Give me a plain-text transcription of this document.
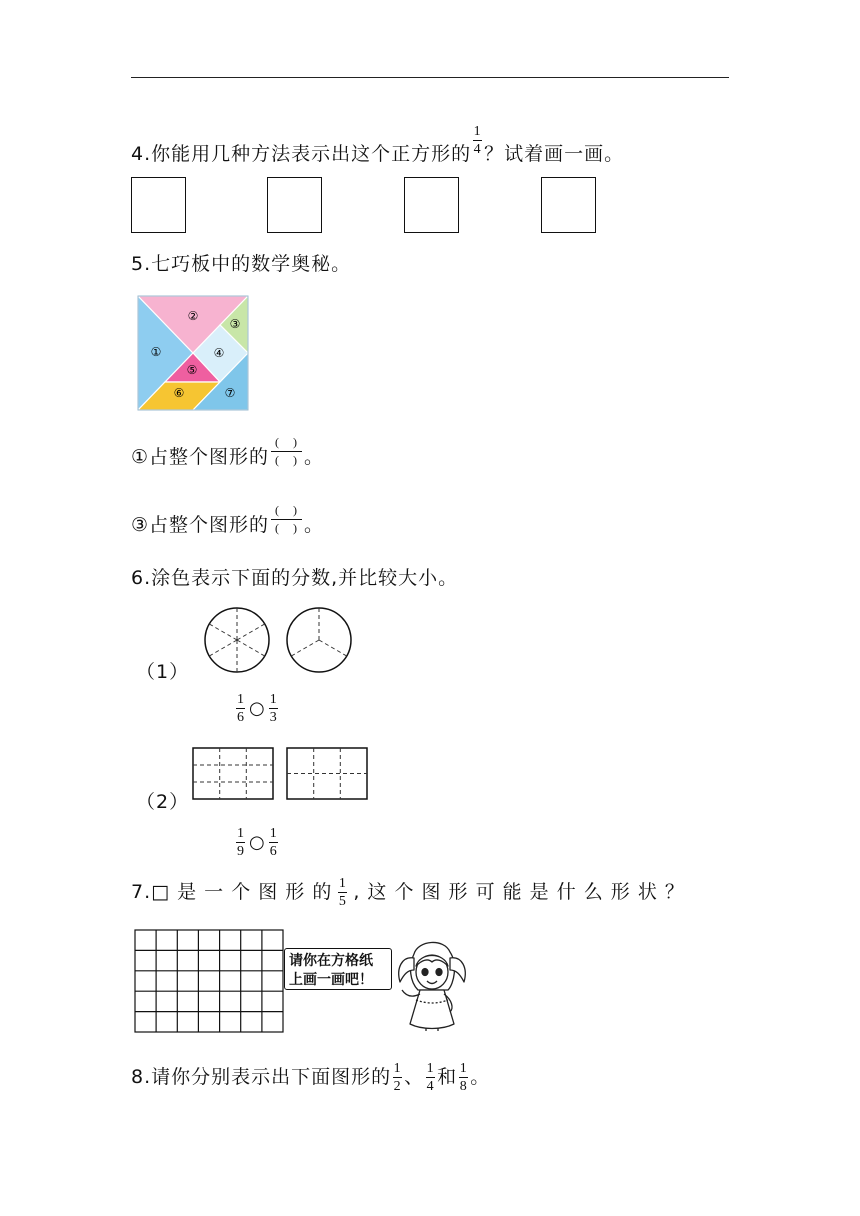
4.你能用几种方法表示出这个正方形的 $\frac{1}{4}$ ？试着画一画。
5.七巧板中的数学奥秘。
①
②
③
④
⑤
⑥	⑦
①占整个图形的 $\frac{( )}{( )}$ 。
③占整个图形的 $\frac{( )}{( )}$ 。
6.涂色表示下面的分数,并比较大小。
（1）
$\frac{1}{6}$ ○ $\frac{1}{3}$
（2）
$\frac{1}{9}$ ○ $\frac{1}{6}$
7.□ 是 一 个 图 形 的 $\frac{1}{5}$ , 这 个 图 形 可 能 是 什 么 形 状 ？
请你在方格纸
上画一画吧！
8.请你分别表示出下面图形的 $\frac{1}{2}$ 、 $\frac{1}{4}$ 和 $\frac{1}{8}$ 。
